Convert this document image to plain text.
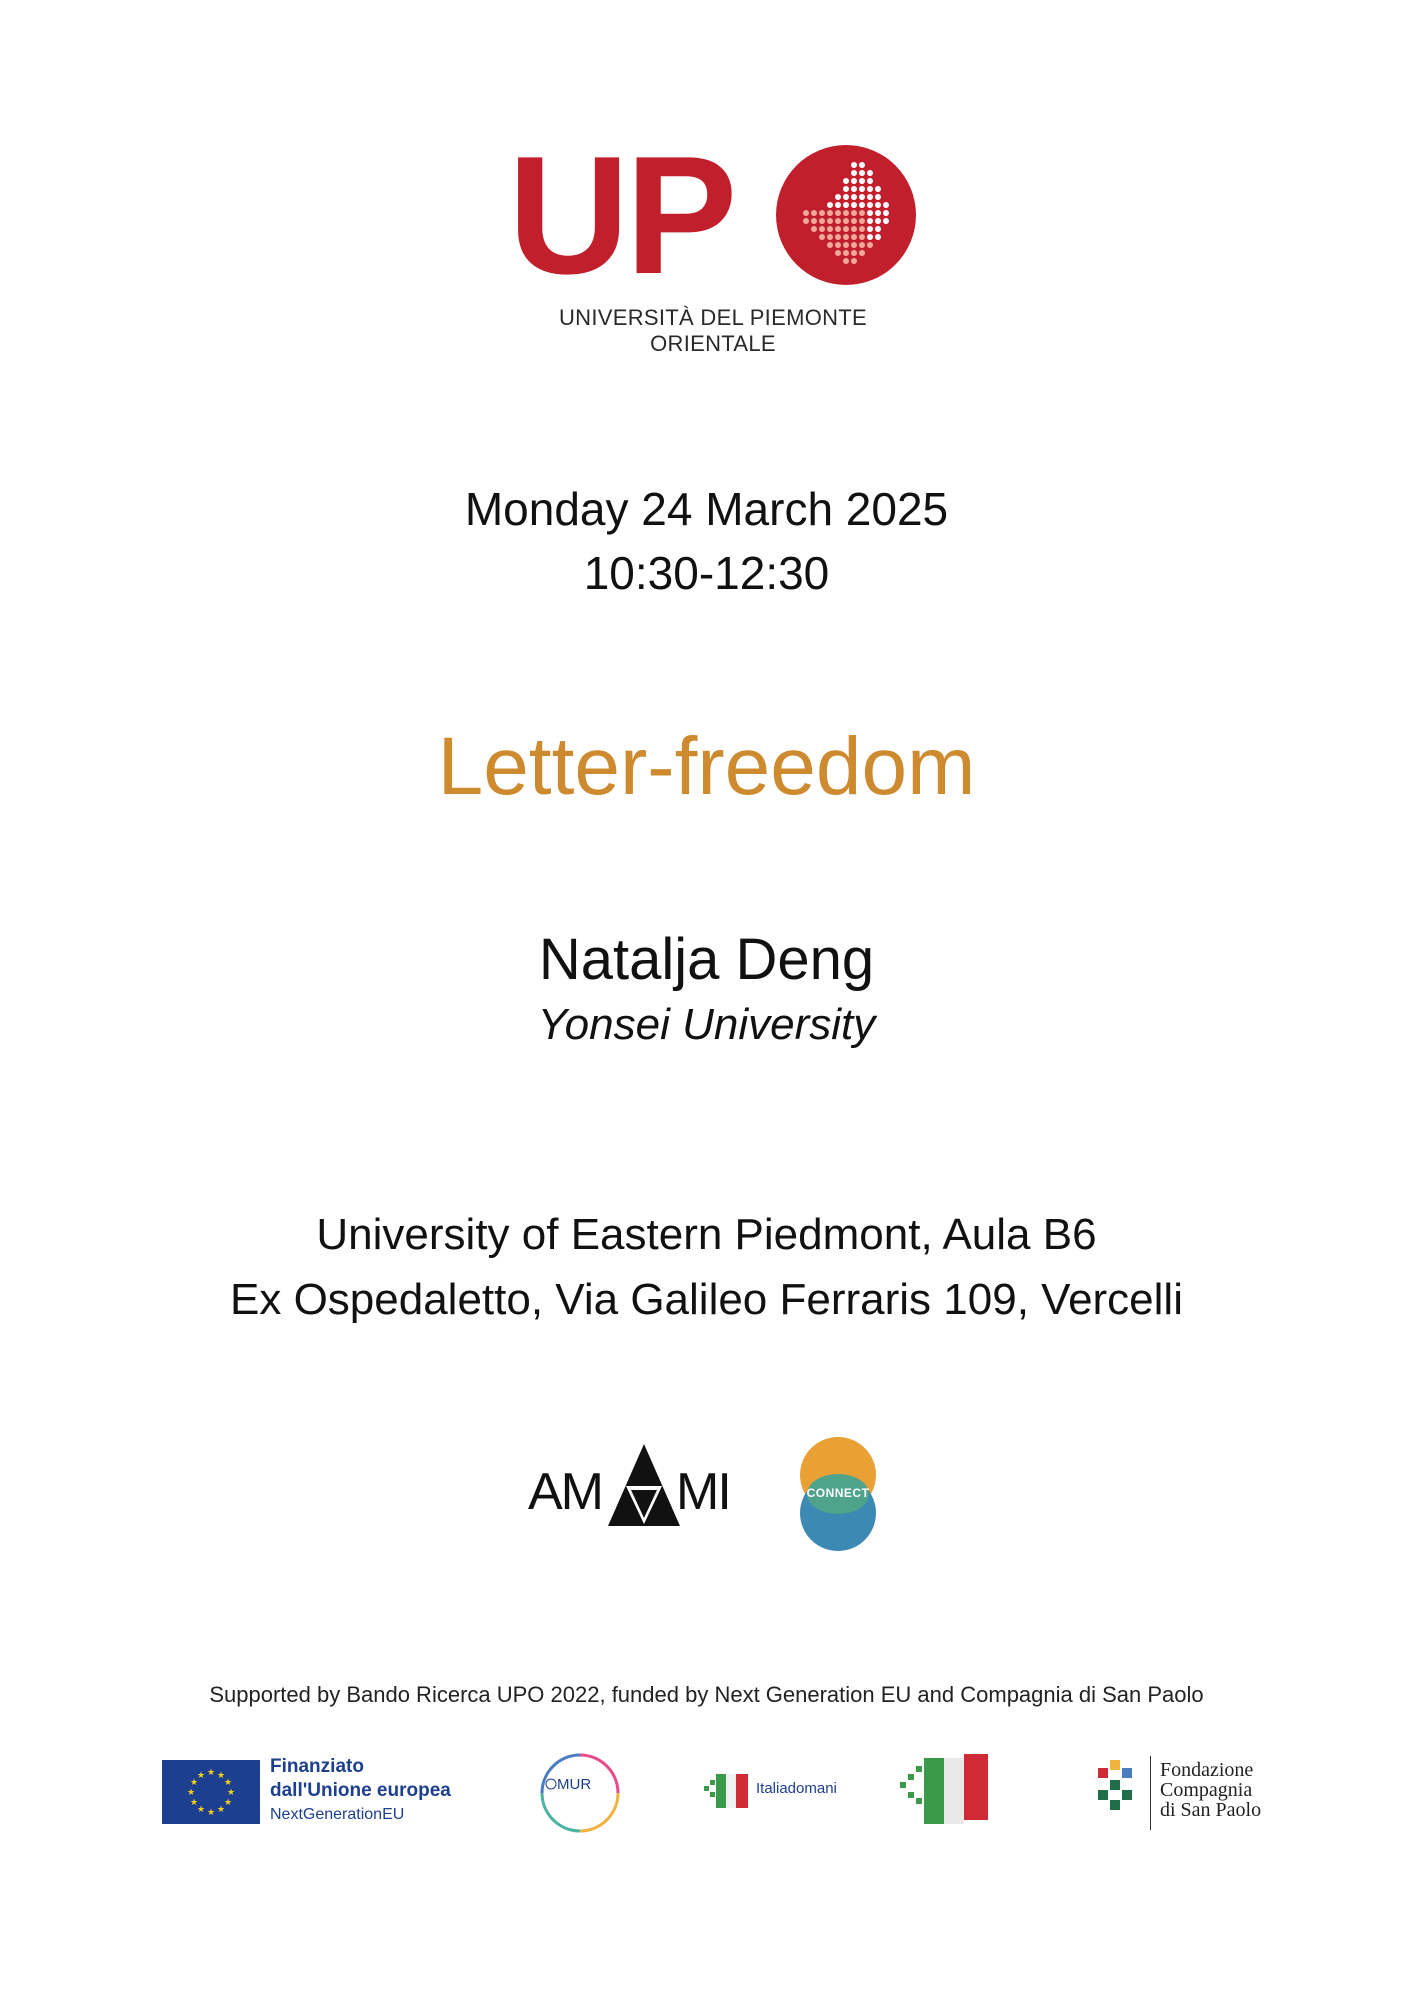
UP
UNIVERSITÀ DEL PIEMONTE ORIENTALE
Monday 24 March 2025
10:30-12:30
Letter-freedom
Natalja Deng
Yonsei University
University of Eastern Piedmont, Aula B6
Ex Ospedaletto, Via Galileo Ferraris 109, Vercelli
AM MI	CONNECT
Supported by Bando Ricerca UPO 2022, funded by Next Generation EU and Compagnia di San Paolo
★ ★
★
★
★
★
★
★
★
★
★
★	Finanziato
dall'Unione europea
NextGenerationEU
MUR	Italiadomani
Fondazione
Compagnia
di San Paolo
